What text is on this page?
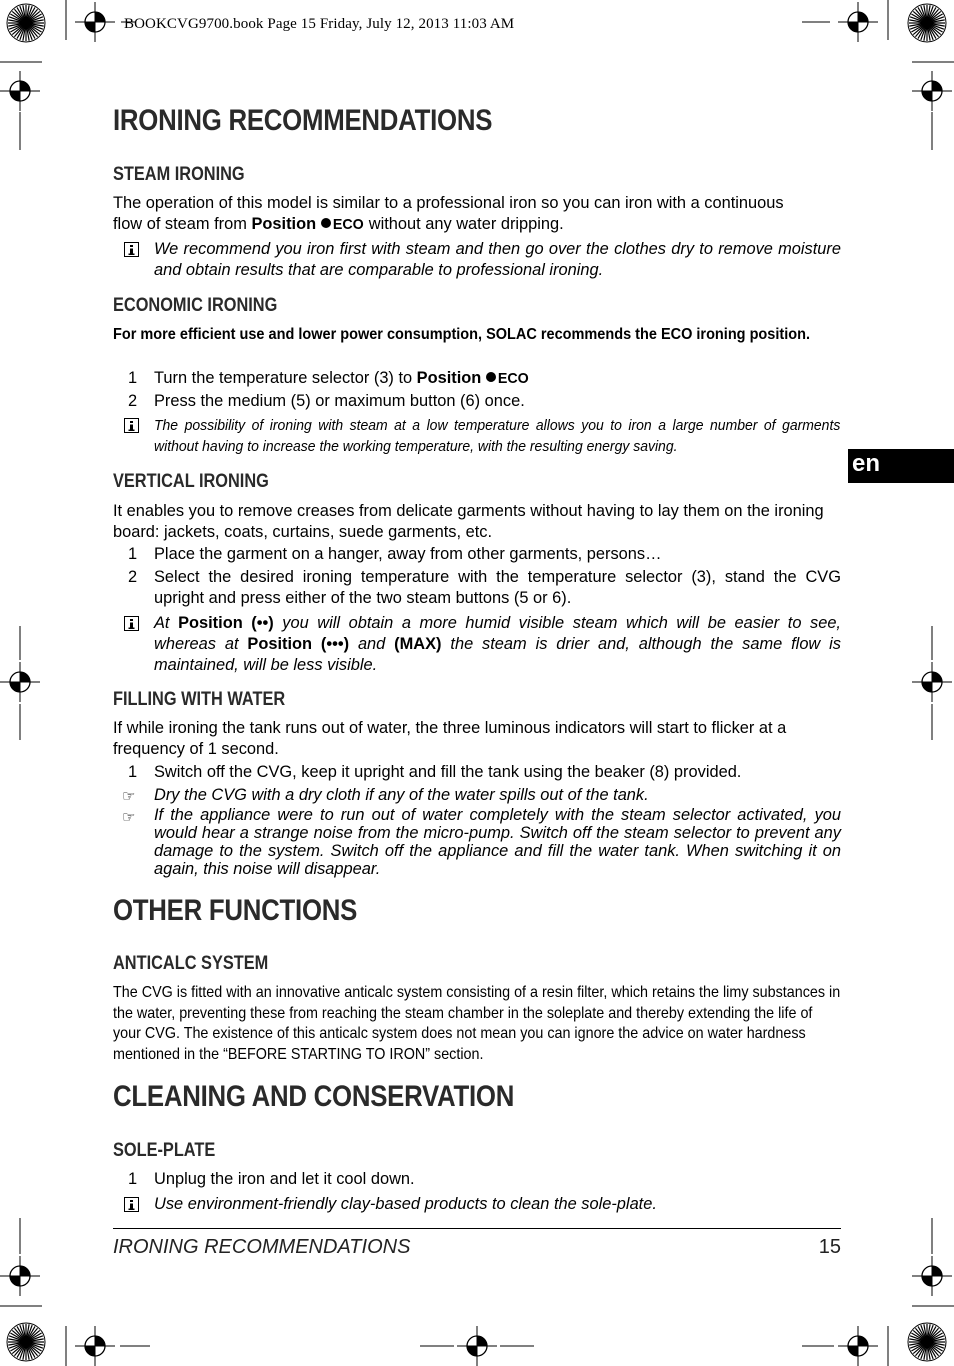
BOOKCVG9700.book Page 15 Friday, July 12, 2013 11:03 AM
IRONING RECOMMENDATIONS
STEAM IRONING
The operation of this model is similar to a professional iron so you can iron with a continuous
flow of steam from Position ECO without any water dripping.
We recommend you iron first with steam and then go over the clothes dry to remove moisture and obtain results that are comparable to professional ironing.
ECONOMIC IRONING
For more efficient use and lower power consumption, SOLAC recommends the ECO ironing position.
1 Turn the temperature selector (3) to Position ECO
2 Press the medium (5) or maximum button (6) once.
The possibility of ironing with steam at a low temperature allows you to iron a large number of garments without having to increase the working temperature, with the resulting energy saving.
VERTICAL IRONING
It enables you to remove creases from delicate garments without having to lay them on the ironing board: jackets, coats, curtains, suede garments, etc.
1 Place the garment on a hanger, away from other garments, persons…
2 Select the desired ironing temperature with the temperature selector (3), stand the CVG upright and press either of the two steam buttons (5 or 6).
At Position (••) you will obtain a more humid visible steam which will be easier to see, whereas at Position (•••) and (MAX) the steam is drier and, although the same flow is maintained, will be less visible.
FILLING WITH WATER
If while ironing the tank runs out of water, the three luminous indicators will start to flicker at a frequency of 1 second.
1 Switch off the CVG, keep it upright and fill the tank using the beaker (8) provided.
☞ Dry the CVG with a dry cloth if any of the water spills out of the tank.
☞ If the appliance were to run out of water completely with the steam selector activated, you would hear a strange noise from the micro-pump. Switch off the steam selector to prevent any damage to the system. Switch off the appliance and fill the water tank. When switching it on again, this noise will disappear.
OTHER FUNCTIONS
ANTICALC SYSTEM
The CVG is fitted with an innovative anticalc system consisting of a resin filter, which retains the limy substances in the water, preventing these from reaching the steam chamber in the soleplate and thereby extending the life of your CVG. The existence of this anticalc system does not mean you can ignore the advice on water hardness mentioned in the “BEFORE STARTING TO IRON” section.
CLEANING AND CONSERVATION
SOLE-PLATE
1 Unplug the iron and let it cool down.
Use environment-friendly clay-based products to clean the sole-plate.
en
IRONING RECOMMENDATIONS	15
